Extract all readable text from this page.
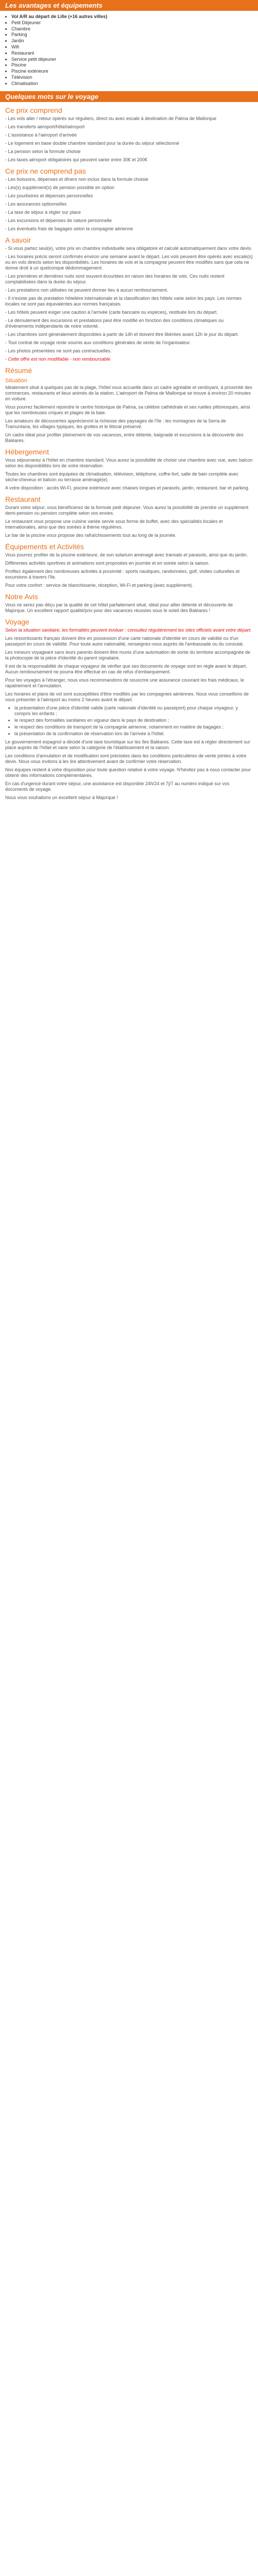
Les avantages et équipements
• Vol A/R au départ de Lille (+16 autres villes)
• Petit Déjeuner
• Chambre
• Parking
• Jardin
• Wifi
• Restaurant
• Service petit déjeuner
• Piscine
• Piscine extérieure
• Télévision
• Climatisation
Quelques mots sur le voyage
Ce prix comprend

- Les vols aller / retour opérés sur réguliers, direct ou avec escale à destination de Palma de Mallorque

- Les transferts aéroport/hôtel/aéroport

- L'assistance à l'aéroport d'arrivée

- Le logement en base double chambre standard pour la durée du séjour sélectionné

- La pension selon la formule choisie

- Les taxes aéroport obligatoires qui peuvent varier entre 30€ et 200€

Ce prix ne comprend pas

- Les boissons, dépenses et dîners non inclus dans la formule choisie

- Les(s) supplément(s) de pension possible en option

- Les pourboires et dépenses personnelles

- Les assurances optionnelles

- La taxe de séjour à régler sur place

- Les excursions et dépenses de nature personnelle

- Les éventuels frais de bagages selon la compagnie aérienne

A savoir

- Si vous partez seul(e), votre prix en chambre individuelle sera obligatoire et calculé automatiquement dans votre devis.

- Les horaires précis seront confirmés environ une semaine avant le départ. Les vols peuvent être opérés avec escale(s) ou en vols directs selon les disponibilités. Les horaires de vols et la compagnie peuvent être modifiés sans que cela ne donne droit à un quelconque dédommagement.

- Les premières et dernières nuits sont souvent écourtées en raison des horaires de vols. Ces nuits restent comptabilisées dans la durée du séjour.

- Les prestations non utilisées ne peuvent donner lieu à aucun remboursement.

- Il n'existe pas de prestation hôtelière internationale et la classification des hôtels varie selon les pays. Les normes locales ne sont pas équivalentes aux normes françaises.

- Les hôtels peuvent exiger une caution à l'arrivée (carte bancaire ou espèces), restituée lors du départ.

- Le déroulement des excursions et prestations peut être modifié en fonction des conditions climatiques ou d'événements indépendants de notre volonté.

- Les chambres sont généralement disponibles à partir de 14h et doivent être libérées avant 12h le jour du départ.

- Tout contrat de voyage reste soumis aux conditions générales de vente de l'organisateur.

- Les photos présentées ne sont pas contractuelles.

- Cette offre est non modifiable - non remboursable

Résumé
Situation

Idéalement situé à quelques pas de la plage, l'hôtel vous accueille dans un cadre agréable et verdoyant, à proximité des commerces, restaurants et lieux animés de la station. L'aéroport de Palma de Mallorque se trouve à environ 20 minutes en voiture.

Vous pourrez facilement rejoindre le centre historique de Palma, sa célèbre cathédrale et ses ruelles pittoresques, ainsi que les nombreuses criques et plages de la baie.

Les amateurs de découvertes apprécieront la richesse des paysages de l'île : les montagnes de la Serra de Tramuntana, les villages typiques, les grottes et le littoral préservé.

Un cadre idéal pour profiter pleinement de vos vacances, entre détente, baignade et excursions à la découverte des Baléares.

Hébergement

Vous séjournerez à l'hôtel en chambre standard. Vous aurez la possibilité de choisir une chambre avec vue, avec balcon selon les disponibilités lors de votre réservation.

Toutes les chambres sont équipées de climatisation, télévision, téléphone, coffre-fort, salle de bain complète avec sèche-cheveux et balcon ou terrasse aménagé(e).

A votre disposition : accès Wi-Fi, piscine extérieure avec chaises longues et parasols, jardin, restaurant, bar et parking.

Restaurant

Durant votre séjour, vous bénéficierez de la formule petit déjeuner. Vous aurez la possibilité de prendre un supplément demi-pension ou pension complète selon vos envies.

Le restaurant vous propose une cuisine variée servie sous forme de buffet, avec des spécialités locales et internationales, ainsi que des soirées à thème régulières.

Le bar de la piscine vous propose des rafraîchissements tout au long de la journée.

Équipements et Activités

Vous pourrez profiter de la piscine extérieure, de son solarium aménagé avec transats et parasols, ainsi que du jardin.

Différentes activités sportives et animations sont proposées en journée et en soirée selon la saison.

Profitez également des nombreuses activités à proximité : sports nautiques, randonnées, golf, visites culturelles et excursions à travers l'île.

Pour votre confort : service de blanchisserie, réception, Wi-Fi et parking (avec supplément).

Notre Avis

Vous ne serez pas déçu par la qualité de cet hôtel parfaitement situé, idéal pour allier détente et découverte de Majorque. Un excellent rapport qualité/prix pour des vacances réussies sous le soleil des Baléares !

Voyage

Selon la situation sanitaire, les formalités peuvent évoluer : consultez régulièrement les sites officiels avant votre départ.

Les ressortissants français doivent être en possession d'une carte nationale d'identité en cours de validité ou d'un passeport en cours de validité. Pour toute autre nationalité, renseignez-vous auprès de l'ambassade ou du consulat.

Les mineurs voyageant sans leurs parents doivent être munis d'une autorisation de sortie du territoire accompagnée de la photocopie de la pièce d'identité du parent signataire.

Il est de la responsabilité de chaque voyageur de vérifier que ses documents de voyage sont en règle avant le départ. Aucun remboursement ne pourra être effectué en cas de refus d'embarquement.

Pour les voyages à l'étranger, nous vous recommandons de souscrire une assurance couvrant les frais médicaux, le rapatriement et l'annulation.

Les horaires et plans de vol sont susceptibles d'être modifiés par les compagnies aériennes. Nous vous conseillons de vous présenter à l'aéroport au moins 2 heures avant le départ.

• la présentation d'une pièce d'identité valide (carte nationale d'identité ou passeport) pour chaque voyageur, y compris les enfants ;
• le respect des formalités sanitaires en vigueur dans le pays de destination ;
• le respect des conditions de transport de la compagnie aérienne, notamment en matière de bagages ;
• la présentation de la confirmation de réservation lors de l'arrivée à l'hôtel.

Le gouvernement espagnol a décidé d'une taxe touristique sur les îles Baléares. Cette taxe est à régler directement sur place auprès de l'hôtel et varie selon la catégorie de l'établissement et la saison.

Les conditions d'annulation et de modification sont précisées dans les conditions particulières de vente jointes à votre devis. Nous vous invitons à les lire attentivement avant de confirmer votre réservation.

Nos équipes restent à votre disposition pour toute question relative à votre voyage. N'hésitez pas à nous contacter pour obtenir des informations complémentaires.

En cas d'urgence durant votre séjour, une assistance est disponible 24h/24 et 7j/7 au numéro indiqué sur vos documents de voyage.

Nous vous souhaitons un excellent séjour à Majorque !
